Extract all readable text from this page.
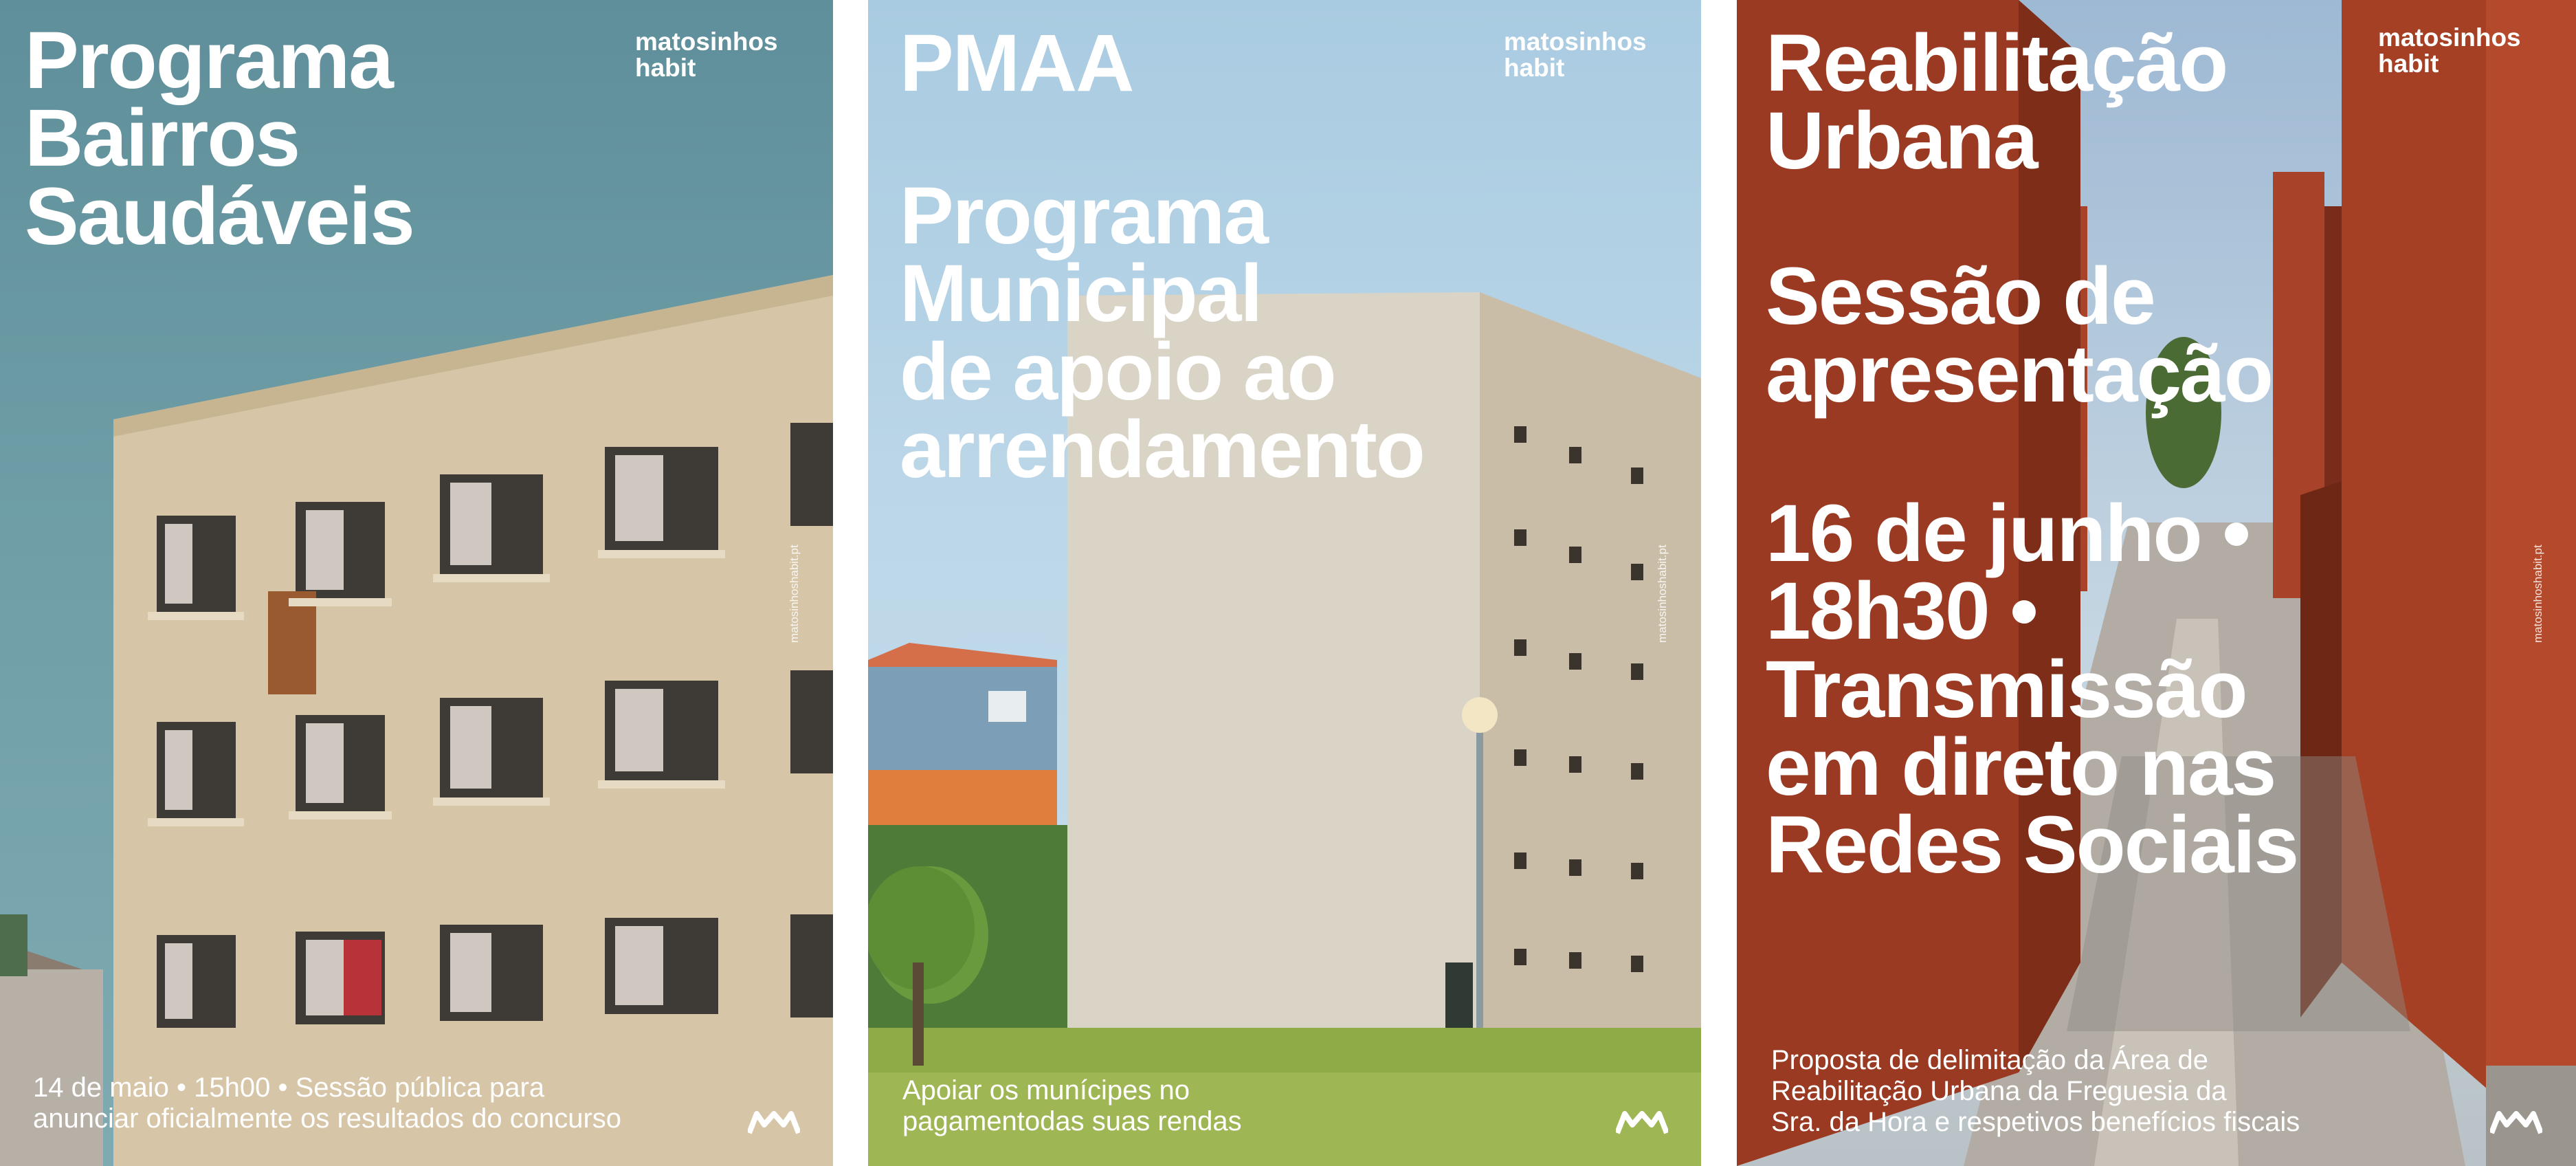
Programa
Bairros
Saudáveis
matosinhos
habit
matosinhoshabit.pt
14 de maio • 15h00 • Sessão pública para
anunciar oficialmente os resultados do concurso
PMAA
Programa
Municipal
de apoio ao
arrendamento
matosinhos
habit
matosinhoshabit.pt
Apoiar os munícipes no
pagamentodas suas rendas
Reabilitação
Urbana
Sessão de
apresentação
16 de junho •
18h30 •
Transmissão
em direto nas
Redes Sociais
matosinhos
habit
matosinhoshabit.pt
Proposta de delimitação da Área de
Reabilitação Urbana da Freguesia da
Sra. da Hora e respetivos benefícios fiscais
